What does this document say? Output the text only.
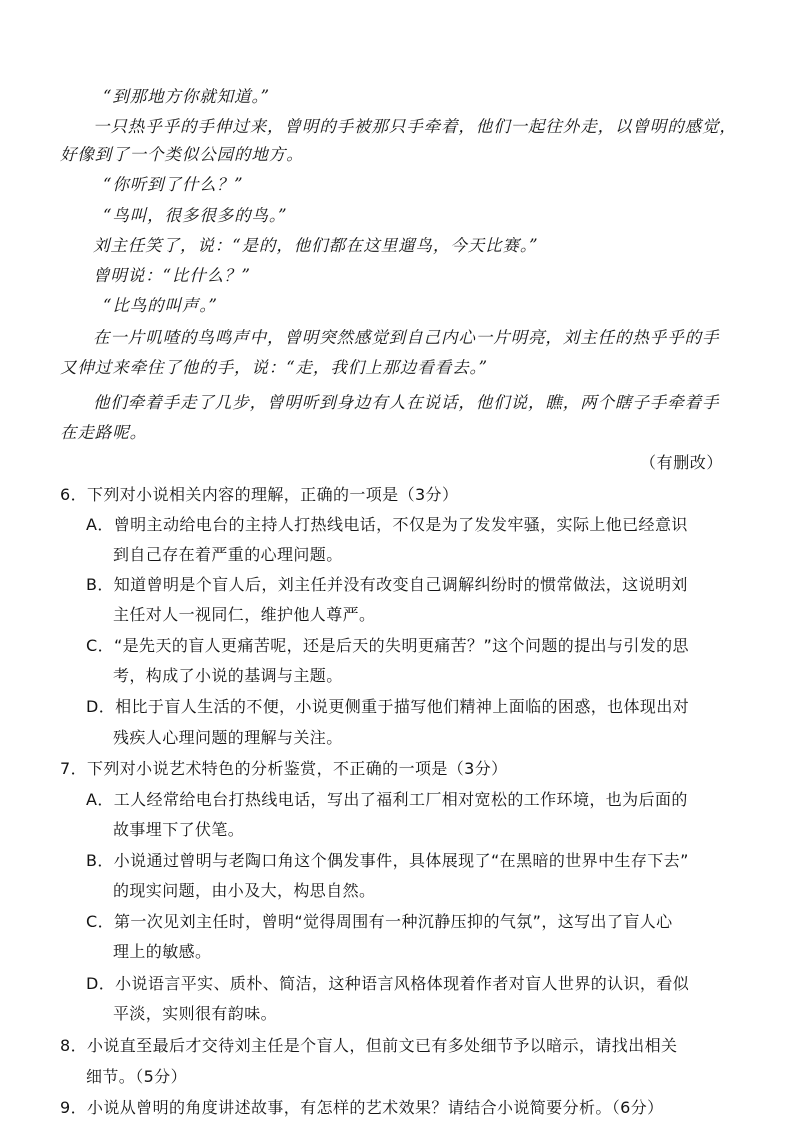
“到那地方你就知道。”
一只热乎乎的手伸过来，曾明的手被那只手牵着，他们一起往外走，以曾明的感觉，
好像到了一个类似公园的地方。
“你听到了什么？”
“鸟叫，很多很多的鸟。”
刘主任笑了，说：“是的，他们都在这里遛鸟，今天比赛。”
曾明说：“比什么？”
“比鸟的叫声。”
在一片叽喳的鸟鸣声中，曾明突然感觉到自己内心一片明亮，刘主任的热乎乎的手
又伸过来牵住了他的手，说：“走，我们上那边看看去。”
他们牵着手走了几步，曾明听到身边有人在说话，他们说，瞧，两个瞎子手牵着手
在走路呢。
（有删改）
6．下列对小说相关内容的理解，正确的一项是（3分）
A．曾明主动给电台的主持人打热线电话，不仅是为了发发牢骚，实际上他已经意识
到自己存在着严重的心理问题。
B．知道曾明是个盲人后，刘主任并没有改变自己调解纠纷时的惯常做法，这说明刘
主任对人一视同仁，维护他人尊严。
C．“是先天的盲人更痛苦呢，还是后天的失明更痛苦？”这个问题的提出与引发的思
考，构成了小说的基调与主题。
D．相比于盲人生活的不便，小说更侧重于描写他们精神上面临的困惑，也体现出对
残疾人心理问题的理解与关注。
7．下列对小说艺术特色的分析鉴赏，不正确的一项是（3分）
A．工人经常给电台打热线电话，写出了福利工厂相对宽松的工作环境，也为后面的
故事埋下了伏笔。
B．小说通过曾明与老陶口角这个偶发事件，具体展现了“在黑暗的世界中生存下去”
的现实问题，由小及大，构思自然。
C．第一次见刘主任时，曾明“觉得周围有一种沉静压抑的气氛”，这写出了盲人心
理上的敏感。
D．小说语言平实、质朴、简洁，这种语言风格体现着作者对盲人世界的认识，看似
平淡，实则很有韵味。
8．小说直至最后才交待刘主任是个盲人，但前文已有多处细节予以暗示，请找出相关
细节。（5分）
9．小说从曾明的角度讲述故事，有怎样的艺术效果？请结合小说简要分析。（6分）
